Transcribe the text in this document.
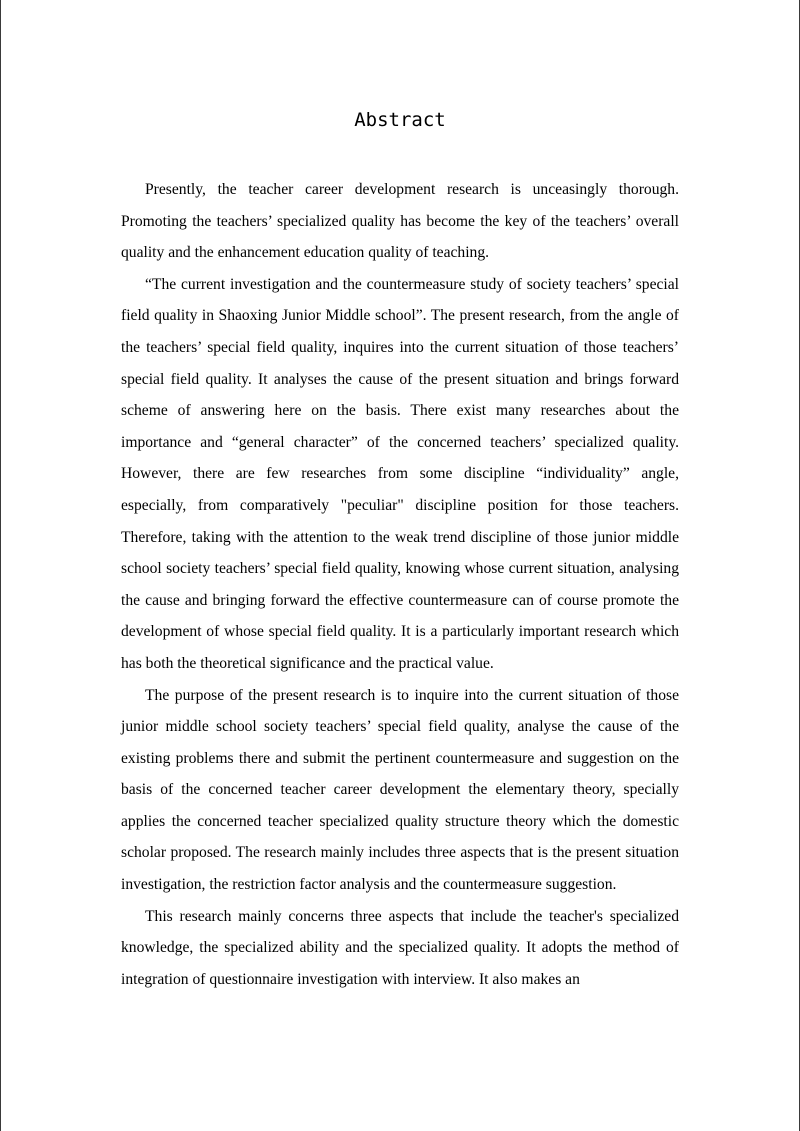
Abstract

Presently, the teacher career development research is unceasingly thorough. Promoting the teachers’ specialized quality has become the key of the teachers’ overall quality and the enhancement education quality of teaching.

“The current investigation and the countermeasure study of society teachers’ special field quality in Shaoxing Junior Middle school”. The present research, from the angle of the teachers’ special field quality, inquires into the current situation of those teachers’ special field quality. It analyses the cause of the present situation and brings forward scheme of answering here on the basis. There exist many researches about the importance and “general character” of the concerned teachers’ specialized quality. However, there are few researches from some discipline “individuality” angle, especially, from comparatively "peculiar" discipline position for those teachers. Therefore, taking with the attention to the weak trend discipline of those junior middle school society teachers’ special field quality, knowing whose current situation, analysing the cause and bringing forward the effective countermeasure can of course promote the development of whose special field quality. It is a particularly important research which has both the theoretical significance and the practical value.

The purpose of the present research is to inquire into the current situation of those junior middle school society teachers’ special field quality, analyse the cause of the existing problems there and submit the pertinent countermeasure and suggestion on the basis of the concerned teacher career development the elementary theory, specially applies the concerned teacher specialized quality structure theory which the domestic scholar proposed. The research mainly includes three aspects that is the present situation investigation, the restriction factor analysis and the countermeasure suggestion.

This research mainly concerns three aspects that include the teacher's specialized knowledge, the specialized ability and the specialized quality. It adopts the method of integration of questionnaire investigation with interview. It also makes an
